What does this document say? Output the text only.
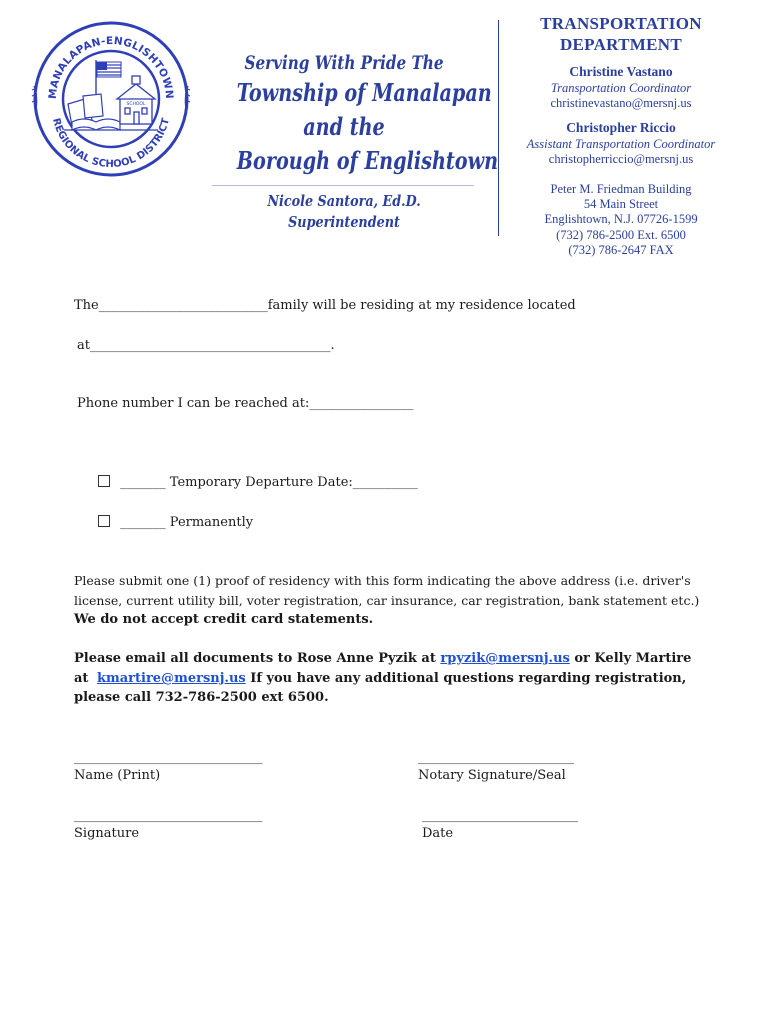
MANALAPAN-ENGLISHTOWN
REGIONAL SCHOOL DISTRICT
SCHOOL
Serving With Pride The
Township of Manalapan
and the
Borough of Englishtown
Nicole Santora, Ed.D.
Superintendent
TRANSPORTATION
DEPARTMENT
Christine Vastano
Transportation Coordinator
christinevastano@mersnj.us
Christopher Riccio
Assistant Transportation Coordinator
christopherriccio@mersnj.us
Peter M. Friedman Building
54 Main Street
Englishtown, N.J. 07726-1599
(732) 786-2500 Ext. 6500
(732) 786-2647 FAX
The__________________________family will be residing at my residence located
at_____________________________________.
Phone number I can be reached at:________________
_______ Temporary Departure Date:__________
_______ Permanently
Please submit one (1) proof of residency with this form indicating the above address (i.e. driver's
license, current utility bill, voter registration, car insurance, car registration, bank statement etc.)
We do not accept credit card statements.
Please email all documents to Rose Anne Pyzik at rpyzik@mersnj.us or Kelly Martire
at kmartire@mersnj.us If you have any additional questions regarding registration,
please call 732-786-2500 ext 6500.
_____________________________	________________________
Name (Print)	Notary Signature/Seal
_____________________________	________________________
Signature	Date
